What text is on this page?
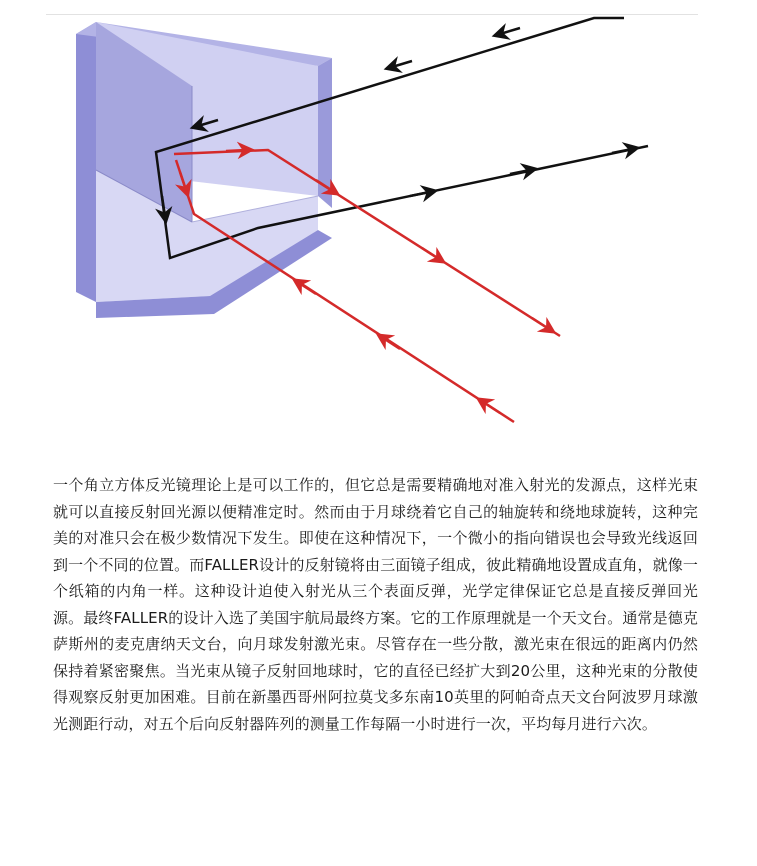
一个角立方体反光镜理论上是可以工作的，但它总是需要精确地对准入射光的发源点，这样光束就可以直接反射回光源以便精准定时。然而由于月球绕着它自己的轴旋转和绕地球旋转，这种完美的对准只会在极少数情况下发生。即使在这种情况下，一个微小的指向错误也会导致光线返回到一个不同的位置。而FALLER设计的反射镜将由三面镜子组成，彼此精确地设置成直角，就像一个纸箱的内角一样。这种设计迫使入射光从三个表面反弹，光学定律保证它总是直接反弹回光源。最终FALLER的设计入选了美国宇航局最终方案。它的工作原理就是一个天文台。通常是德克萨斯州的麦克唐纳天文台，向月球发射激光束。尽管存在一些分散，激光束在很远的距离内仍然保持着紧密聚焦。当光束从镜子反射回地球时，它的直径已经扩大到20公里，这种光束的分散使得观察反射更加困难。目前在新墨西哥州阿拉莫戈多东南10英里的阿帕奇点天文台阿波罗月球激光测距行动，对五个后向反射器阵列的测量工作每隔一小时进行一次，平均每月进行六次。
